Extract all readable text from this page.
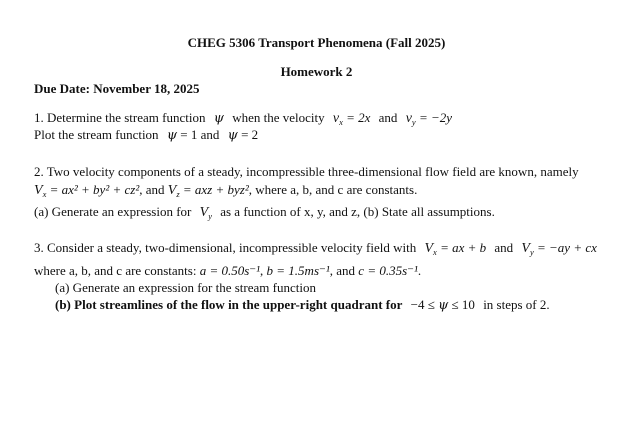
CHEG 5306 Transport Phenomena (Fall 2025)
Homework 2
Due Date: November 18, 2025
1. Determine the stream function ψ when the velocity $v_x = 2x$ and $v_y = -2y$
Plot the stream function ψ = 1 and ψ = 2
2. Two velocity components of a steady, incompressible three-dimensional flow field are known, namely
$V_x = ax^2 + by^2 + cz^2$, and $V_z$ = axz + byz², where a, b, and c are constants.
(a) Generate an expression for $V_y$ as a function of x, y, and z, (b) State all assumptions.
3. Consider a steady, two-dimensional, incompressible velocity field with $V_x$ = ax + b and $V_y = -ay$ + cx
where a, b, and c are constants: a = 0.50s⁻¹, b = 1.5ms⁻¹, and c = 0.35s⁻¹.
(a) Generate an expression for the stream function
(b) Plot streamlines of the flow in the upper-right quadrant for −4 ≤ ψ ≤ 10 in steps of 2.
